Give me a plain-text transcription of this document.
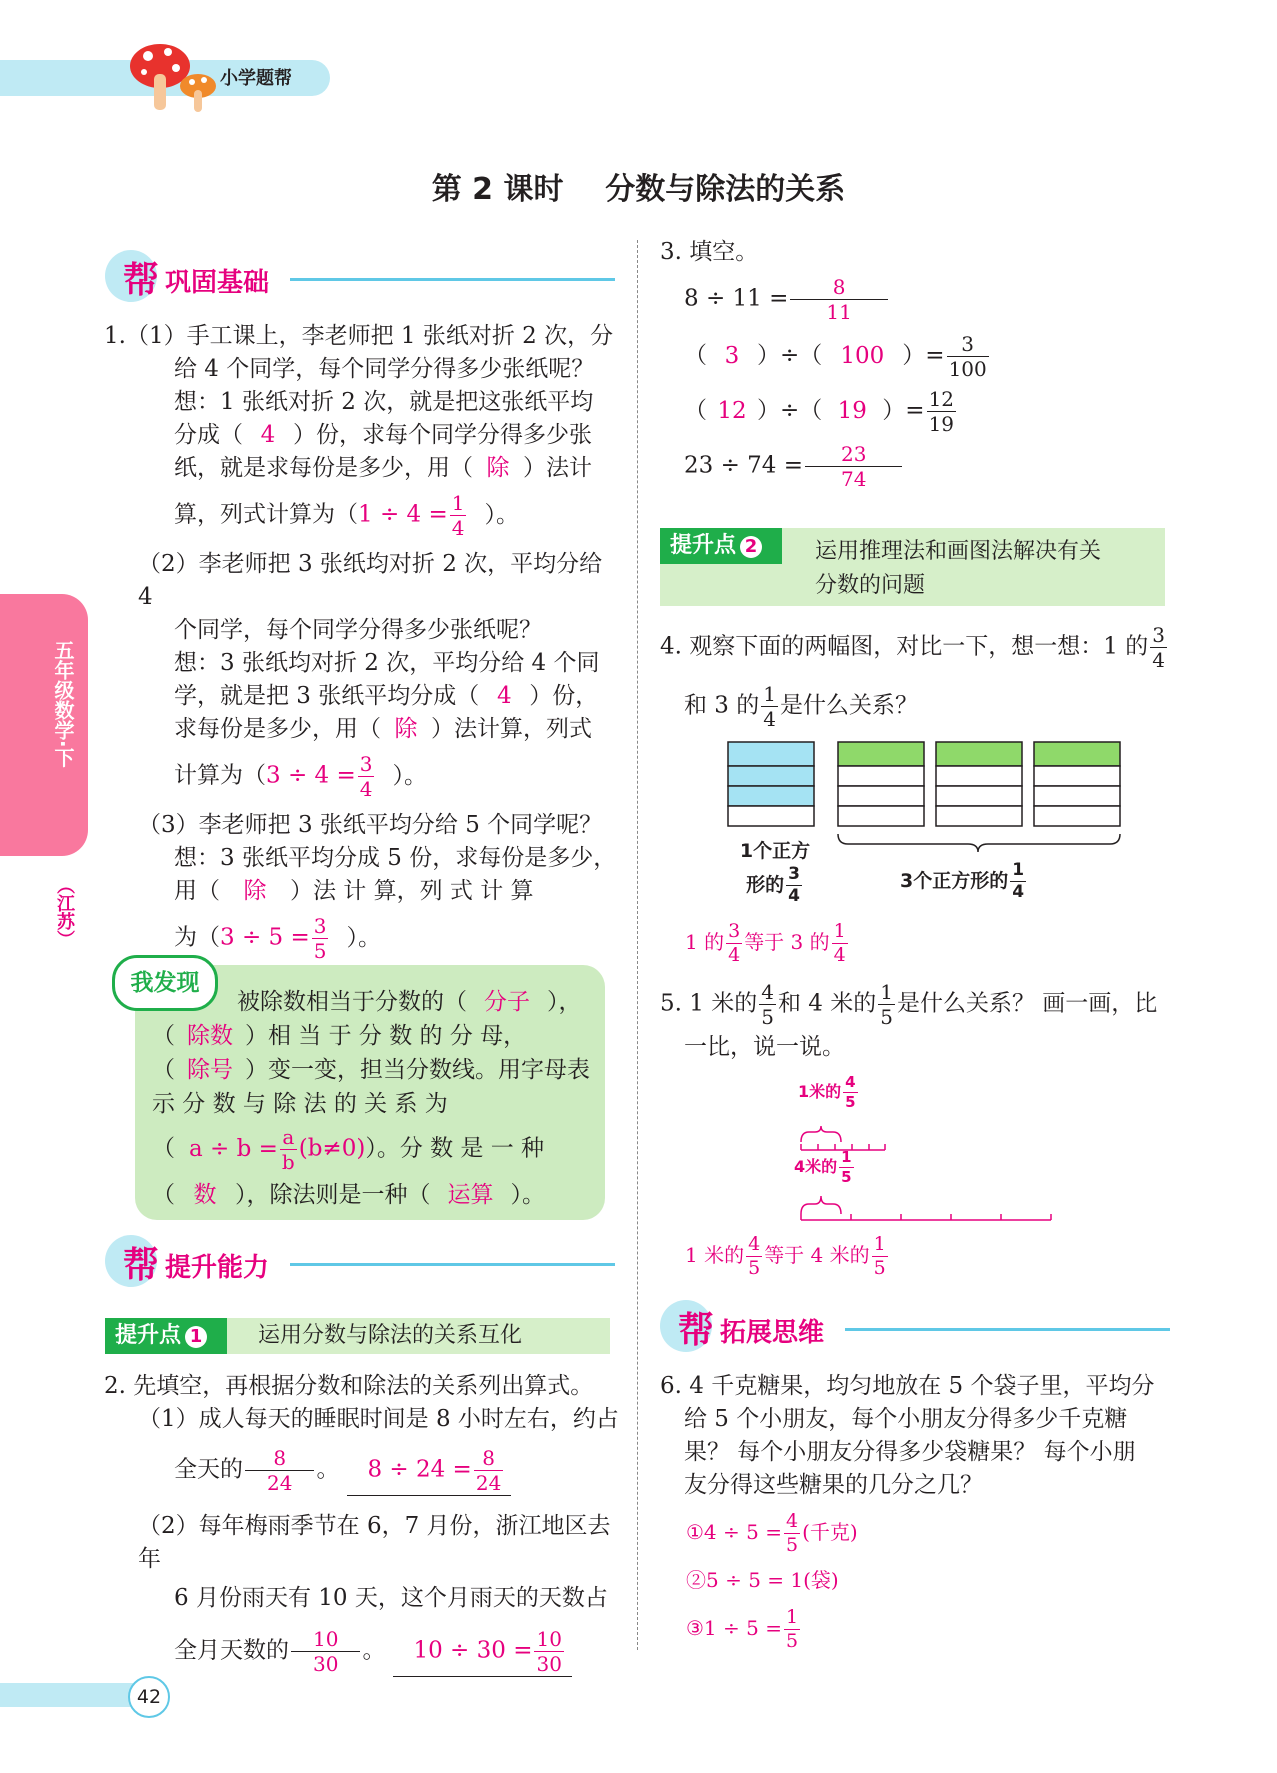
小学题帮
第 2 课时    分数与除法的关系
五年级数学·下
（江苏）
帮 巩固基础
1.（1）手工课上，李老师把 1 张纸对折 2 次，分
给 4 个同学，每个同学分得多少张纸呢？
想：1 张纸对折 2 次，就是把这张纸平均
分成（ 4 ）份，求每个同学分得多少张
纸，就是求每份是多少，用（ 除 ）法计
算，列式计算为（$1 \div 4 = \frac{1}{4}$ ）。
（2）李老师把 3 张纸均对折 2 次，平均分给 4
个同学，每个同学分得多少张纸呢？
想：3 张纸均对折 2 次，平均分给 4 个同
学，就是把 3 张纸平均分成（ 4 ）份，
求每份是多少，用（ 除 ）法计算，列式
计算为（$3 \div 4 = \frac{3}{4}$ ）。
（3）李老师把 3 张纸平均分给 5 个同学呢？
想：3 张纸平均分成 5 份，求每份是多少，
用（ 除 ）法 计 算，列 式 计 算
为（$3 \div 5 = \frac{3}{5}$ ）。
我发现
被除数相当于分数的（ 分子 ），
（ 除数 ）相 当 于 分 数 的 分 母，
（ 除号 ）变一变，担当分数线。用字母表
示 分 数 与 除 法 的 关 系 为
（ $a \div b = \frac{a}{b} (b\ne 0)$）。分 数 是 一 种
（ 数 ），除法则是一种（ 运算 ）。
帮 提升能力
提升点 1	运用分数与除法的关系互化
2. 先填空，再根据分数和除法的关系列出算式。
（1）成人每天的睡眠时间是 8 小时左右，约占
全天的 $\frac{8}{24}$ 。 $8 \div 24 = \frac{8}{24}$
（2）每年梅雨季节在 6，7 月份，浙江地区去年
6 月份雨天有 10 天，这个月雨天的天数占
全月天数的 $\frac{10}{30}$ 。 $10 \div 30 = \frac{10}{30}$
42
3. 填空。
$8 \div 11 = \frac{8}{11}$
（ 3 ）÷（ 100 ）= $\frac{3}{100}$
（ 12 ）÷（ 19 ）= $\frac{12}{19}$
$23 \div 74 = \frac{23}{74}$
提升点 2	运用推理法和画图法解决有关
分数的问题
4. 观察下面的两幅图，对比一下，想一想：1 的 $\frac{3}{4}$
和 3 的 $\frac{1}{4}$ 是什么关系？
1个正方
形的 $\frac{3}{4}$	3个正方形的 $\frac{1}{4}$
1 的 $\frac{3}{4}$ 等于 3 的 $\frac{1}{4}$
5. 1 米的 $\frac{4}{5}$ 和 4 米的 $\frac{1}{5}$ 是什么关系？ 画一画，比
一比，说一说。
1米的 $\frac{4}{5}$
4米的 $\frac{1}{5}$
1 米的 $\frac{4}{5}$ 等于 4 米的 $\frac{1}{5}$
帮 拓展思维
6. 4 千克糖果，均匀地放在 5 个袋子里，平均分
给 5 个小朋友，每个小朋友分得多少千克糖
果？ 每个小朋友分得多少袋糖果？ 每个小朋
友分得这些糖果的几分之几？
①4 ÷ $5 = \frac{4}{5}$ (千克)
②5 ÷ 5 = 1(袋)
③1 ÷ $5 = \frac{1}{5}$
